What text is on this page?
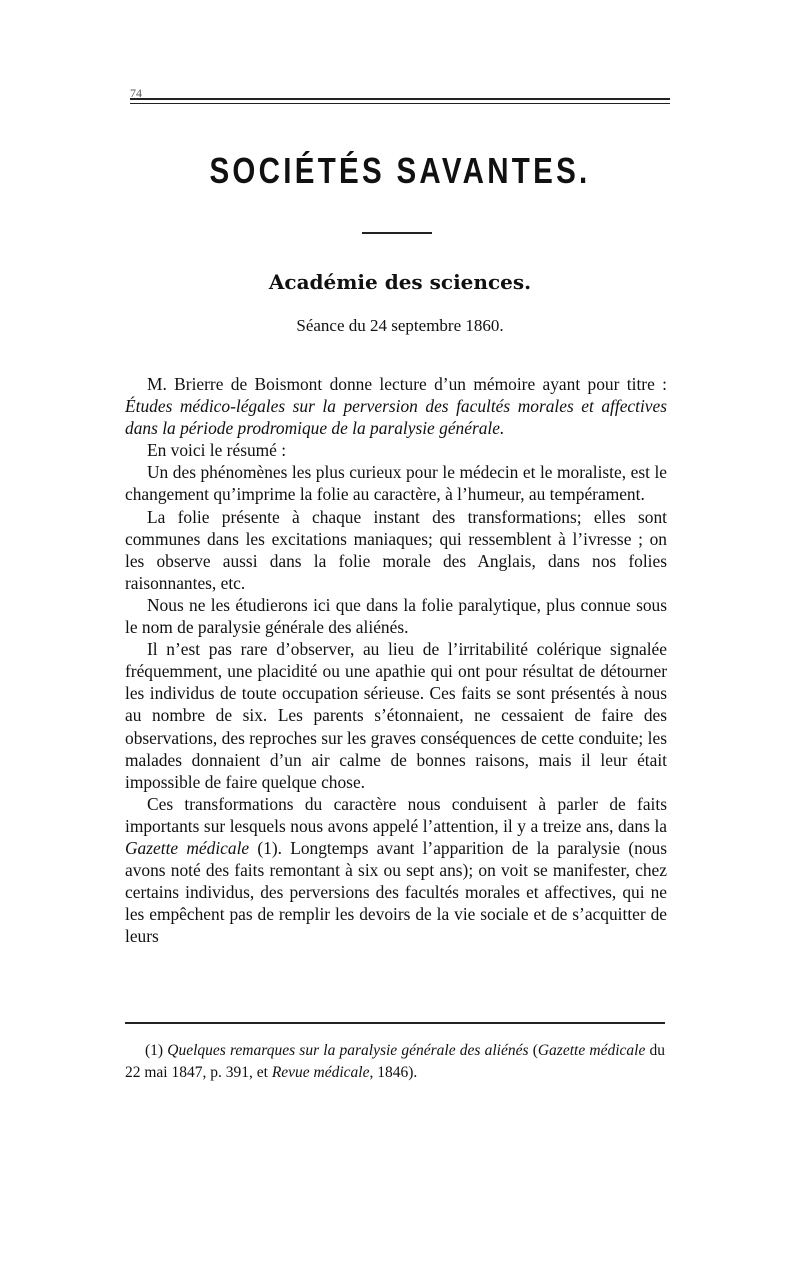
74
SOCIÉTÉS SAVANTES.
Académie des sciences.
Séance du 24 septembre 1860.

M. Brierre de Boismont donne lecture d’un mémoire ayant pour titre : Études médico-légales sur la perversion des facultés morales et affectives dans la période prodromique de la paralysie générale.

En voici le résumé :

Un des phénomènes les plus curieux pour le médecin et le moraliste, est le changement qu’imprime la folie au caractère, à l’humeur, au tempérament.

La folie présente à chaque instant des transformations; elles sont communes dans les excitations maniaques; qui ressemblent à l’ivresse ; on les observe aussi dans la folie morale des Anglais, dans nos folies raisonnantes, etc.

Nous ne les étudierons ici que dans la folie paralytique, plus connue sous le nom de paralysie générale des aliénés.

Il n’est pas rare d’observer, au lieu de l’irritabilité colérique signalée fréquemment, une placidité ou une apathie qui ont pour résultat de détourner les individus de toute occupation sérieuse. Ces faits se sont présentés à nous au nombre de six. Les parents s’étonnaient, ne cessaient de faire des observations, des reproches sur les graves conséquences de cette conduite; les malades donnaient d’un air calme de bonnes raisons, mais il leur était impossible de faire quelque chose.

Ces transformations du caractère nous conduisent à parler de faits importants sur lesquels nous avons appelé l’attention, il y a treize ans, dans la Gazette médicale (1). Longtemps avant l’apparition de la paralysie (nous avons noté des faits remontant à six ou sept ans); on voit se manifester, chez certains individus, des perversions des facultés morales et affectives, qui ne les empêchent pas de remplir les devoirs de la vie sociale et de s’acquitter de leurs

(1) Quelques remarques sur la paralysie générale des aliénés (Gazette médicale du 22 mai 1847, p. 391, et Revue médicale, 1846).
